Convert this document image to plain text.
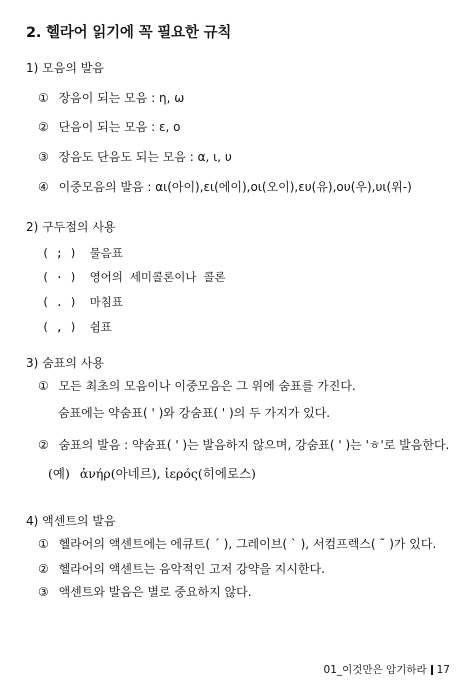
2. 헬라어 읽기에 꼭 필요한 규칙
1) 모음의 발음
① 장음이 되는 모음 : η, ω
② 단음이 되는 모음 : ε, ο
③ 장음도 단음도 되는 모음 : α, ι, υ
④ 이중모음의 발음 : αι(아이),ει(에이),οι(오이),ευ(유),ου(우),υι(위-)
2) 구두점의 사용
( ; ) 물음표
( · ) 영어의 세미콜론이나 콜론
( . ) 마침표
( , ) 쉼표
3) 숨표의 사용
① 모든 최초의 모음이나 이중모음은 그 위에 숨표를 가진다.
숨표에는 약숨표( ' )와 강숨표( ' )의 두 가지가 있다.
② 숨표의 발음 : 약숨표( ' )는 발음하지 않으며, 강숨표( ' )는 'ㅎ'로 발음한다.
(예) ἀνήρ(아네르), ἱερός(히에로스)
4) 액센트의 발음
① 헬라어의 액센트에는 에큐트( ´ ), 그레이브( ` ), 서컴프렉스( ˜ )가 있다.
② 헬라어의 액센트는 음악적인 고저 강약을 지시한다.
③ 액센트와 발음은 별로 중요하지 않다.
01_이것만은 암기하라 17
